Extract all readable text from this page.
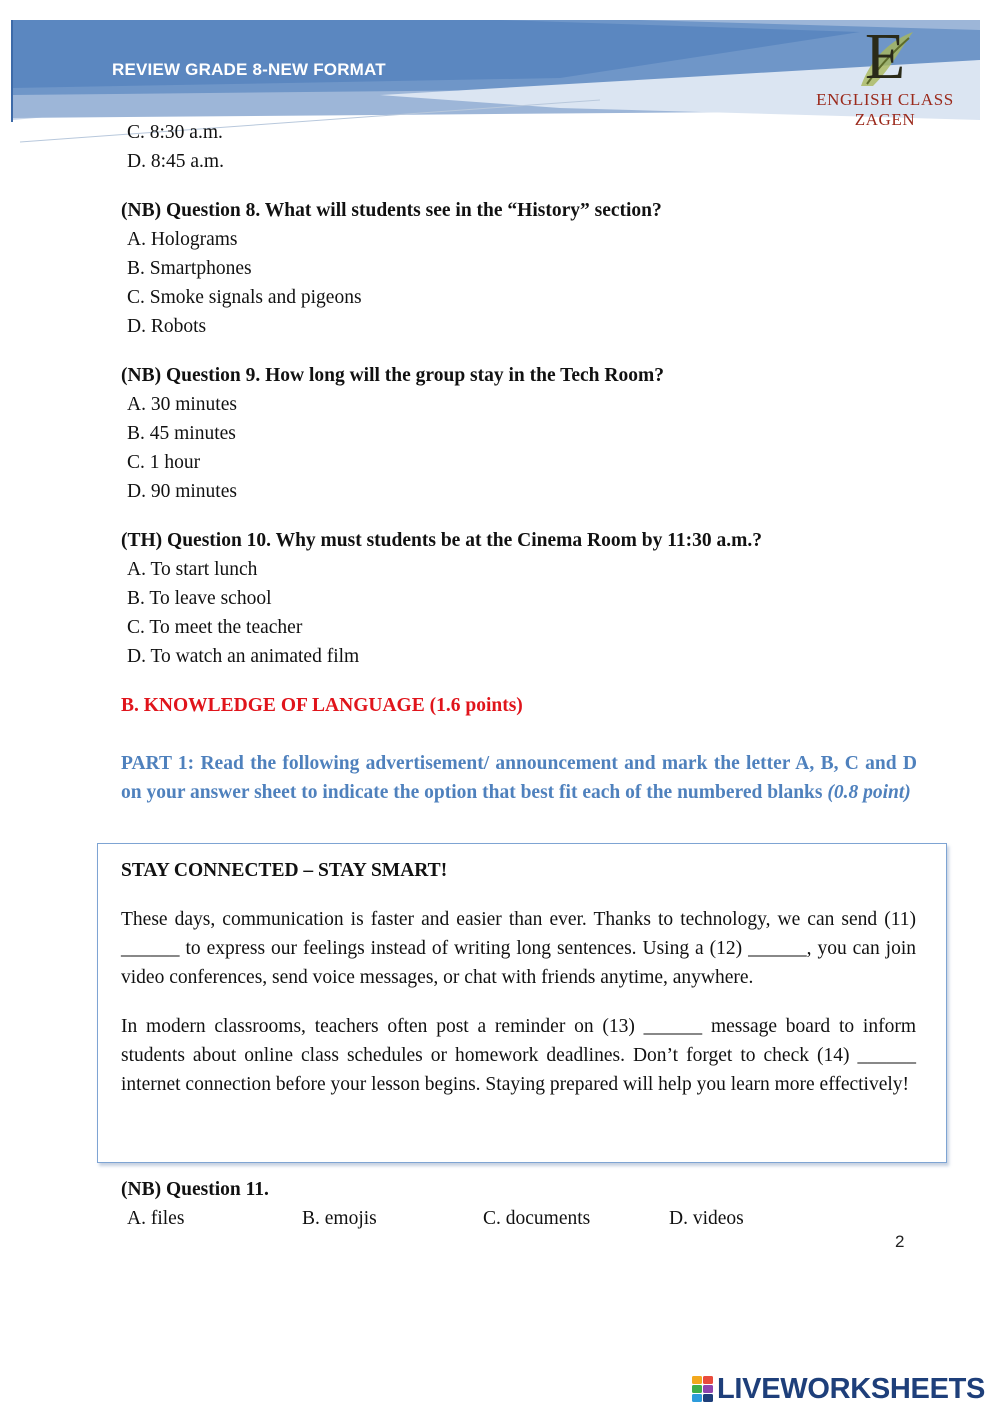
REVIEW GRADE 8-NEW FORMAT	E
ENGLISH CLASS ZAGEN
C. 8:30 a.m.
D. 8:45 a.m.
(NB) Question 8. What will students see in the “History” section?
A. Holograms
B. Smartphones
C. Smoke signals and pigeons
D. Robots
(NB) Question 9. How long will the group stay in the Tech Room?
A. 30 minutes
B. 45 minutes
C. 1 hour
D. 90 minutes
(TH) Question 10. Why must students be at the Cinema Room by 11:30 a.m.?
A. To start lunch
B. To leave school
C. To meet the teacher
D. To watch an animated film
B. KNOWLEDGE OF LANGUAGE (1.6 points)
PART 1: Read the following advertisement/ announcement and mark the letter A, B, C and D on your answer sheet to indicate the option that best fit each of the numbered blanks (0.8 point)
STAY CONNECTED – STAY SMART!

These days, communication is faster and easier than ever. Thanks to technology, we can send (11) ______ to express our feelings instead of writing long sentences. Using a (12) ______, you can join video conferences, send voice messages, or chat with friends anytime, anywhere.

In modern classrooms, teachers often post a reminder on (13) ______ message board to inform students about online class schedules or homework deadlines. Don’t forget to check (14) ______ internet connection before your lesson begins. Staying prepared will help you learn more effectively!

(NB) Question 11.
A. files	B. emojis	C. documents	D. videos
2
LIVEWORKSHEETS
